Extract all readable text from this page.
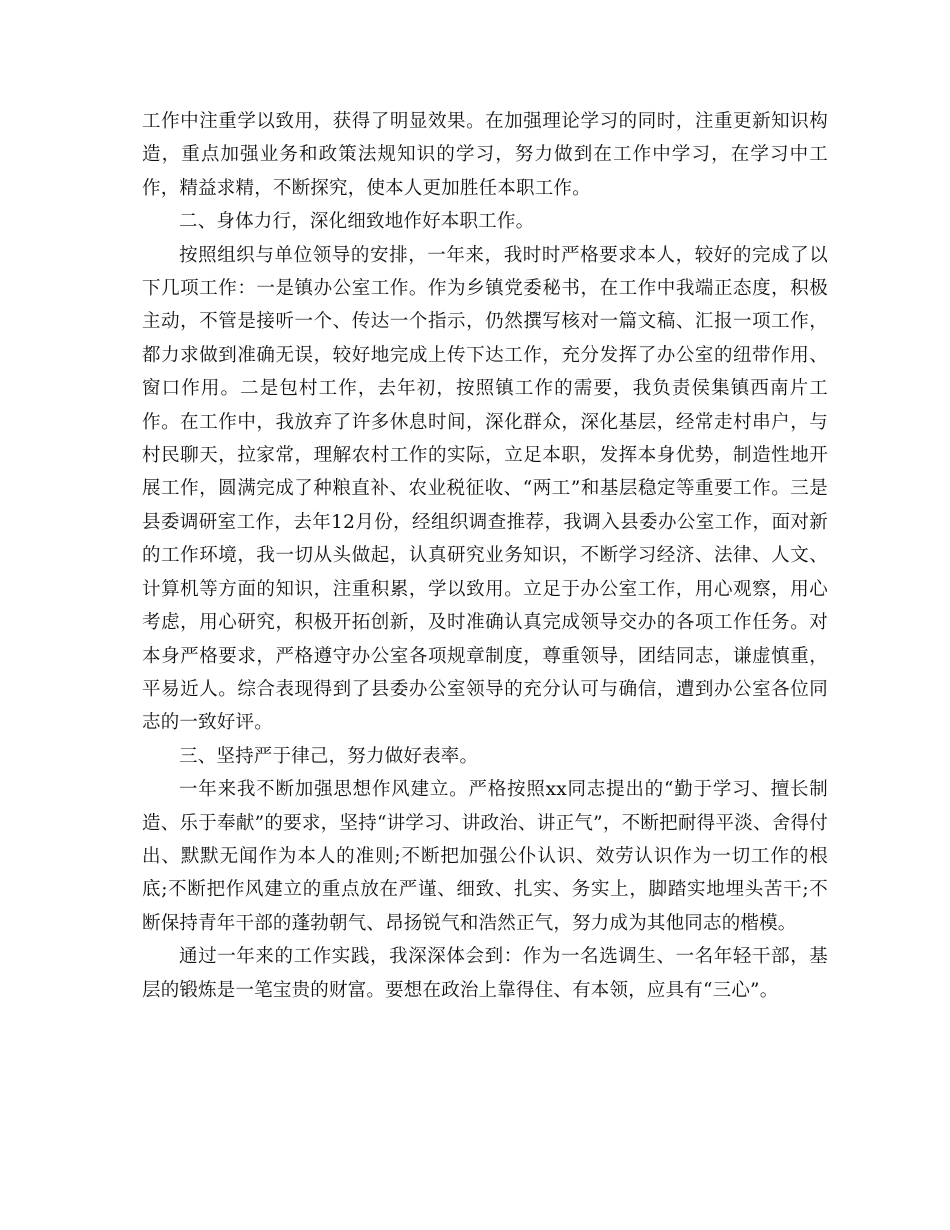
工作中注重学以致用，获得了明显效果。在加强理论学习的同时，注重更新知识构造，重点加强业务和政策法规知识的学习，努力做到在工作中学习，在学习中工作，精益求精，不断探究，使本人更加胜任本职工作。

二、身体力行，深化细致地作好本职工作。

按照组织与单位领导的安排，一年来，我时时严格要求本人，较好的完成了以下几项工作：一是镇办公室工作。作为乡镇党委秘书，在工作中我端正态度，积极主动，不管是接听一个、传达一个指示，仍然撰写核对一篇文稿、汇报一项工作，都力求做到准确无误，较好地完成上传下达工作，充分发挥了办公室的纽带作用、窗口作用。二是包村工作，去年初，按照镇工作的需要，我负责侯集镇西南片工作。在工作中，我放弃了许多休息时间，深化群众，深化基层，经常走村串户，与村民聊天，拉家常，理解农村工作的实际，立足本职，发挥本身优势，制造性地开展工作，圆满完成了种粮直补、农业税征收、“两工”和基层稳定等重要工作。三是县委调研室工作，去年12月份，经组织调查推荐，我调入县委办公室工作，面对新的工作环境，我一切从头做起，认真研究业务知识，不断学习经济、法律、人文、计算机等方面的知识，注重积累，学以致用。立足于办公室工作，用心观察，用心考虑，用心研究，积极开拓创新，及时准确认真完成领导交办的各项工作任务。对本身严格要求，严格遵守办公室各项规章制度，尊重领导，团结同志，谦虚慎重，平易近人。综合表现得到了县委办公室领导的充分认可与确信，遭到办公室各位同志的一致好评。

三、坚持严于律己，努力做好表率。

一年来我不断加强思想作风建立。严格按照xx同志提出的“勤于学习、擅长制造、乐于奉献”的要求，坚持“讲学习、讲政治、讲正气”，不断把耐得平淡、舍得付出、默默无闻作为本人的准则;不断把加强公仆认识、效劳认识作为一切工作的根底;不断把作风建立的重点放在严谨、细致、扎实、务实上，脚踏实地埋头苦干;不断保持青年干部的蓬勃朝气、昂扬锐气和浩然正气，努力成为其他同志的楷模。

通过一年来的工作实践，我深深体会到：作为一名选调生、一名年轻干部，基层的锻炼是一笔宝贵的财富。要想在政治上靠得住、有本领，应具有“三心”。
